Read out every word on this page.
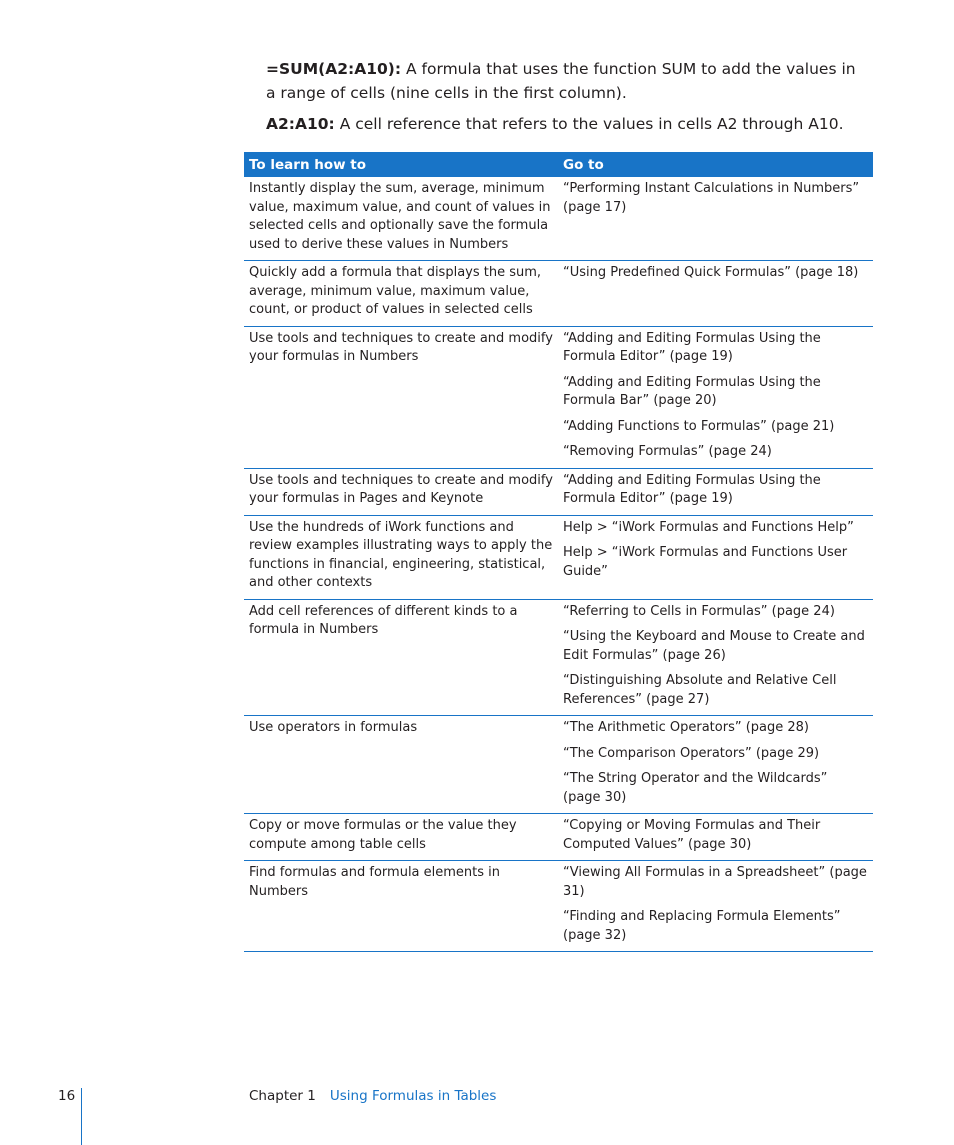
=SUM(A2:A10): A formula that uses the function SUM to add the values in a range of cells (nine cells in the first column).

A2:A10: A cell reference that refers to the values in cells A2 through A10.

To learn how to	Go to
Instantly display the sum, average, minimum value, maximum value, and count of values in selected cells and optionally save the formula used to derive these values in Numbers	“Performing Instant Calculations in Numbers” (page 17)

Quickly add a formula that displays the sum, average, minimum value, maximum value, count, or product of values in selected cells	“Using Predefined Quick Formulas” (page 18)

Use tools and techniques to create and modify your formulas in Numbers	“Adding and Editing Formulas Using the Formula Editor” (page 19)
“Adding and Editing Formulas Using the Formula Bar” (page 20)
“Adding Functions to Formulas” (page 21)
“Removing Formulas” (page 24)

Use tools and techniques to create and modify your formulas in Pages and Keynote	“Adding and Editing Formulas Using the Formula Editor” (page 19)

Use the hundreds of iWork functions and review examples illustrating ways to apply the functions in financial, engineering, statistical, and other contexts	Help > “iWork Formulas and Functions Help”
Help > “iWork Formulas and Functions User Guide”

Add cell references of different kinds to a formula in Numbers	“Referring to Cells in Formulas” (page 24)
“Using the Keyboard and Mouse to Create and Edit Formulas” (page 26)
“Distinguishing Absolute and Relative Cell References” (page 27)

Use operators in formulas	“The Arithmetic Operators” (page 28)
“The Comparison Operators” (page 29)
“The String Operator and the Wildcards” (page 30)

Copy or move formulas or the value they compute among table cells	“Copying or Moving Formulas and Their Computed Values” (page 30)

Find formulas and formula elements in Numbers	“Viewing All Formulas in a Spreadsheet” (page 31)
“Finding and Replacing Formula Elements” (page 32)
16	Chapter 1 Using Formulas in Tables
